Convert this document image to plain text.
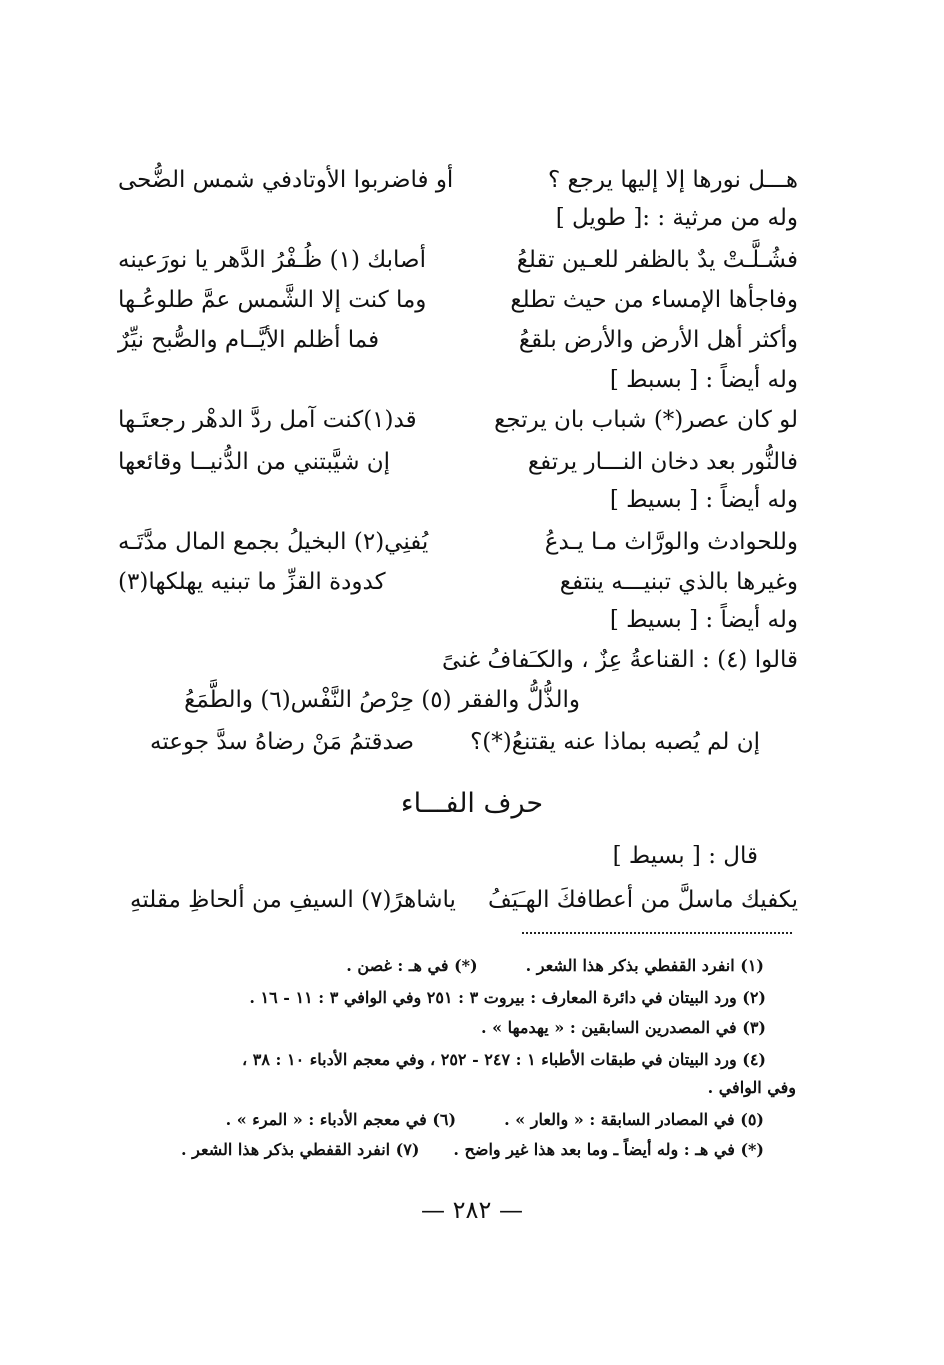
أو فاضربوا الأوتادفي شمس الضُّحى	هـــل نورها إلا إليها يرجع ؟
وله من مرثية : :[ طويل ]
أصابك (١) ظُـفْرُ الدَّهر يا نورَعينه	فشُـلَّـتْ يدٌ بالظفر للعـين تقلعُ
وما كنت إلا الشَّمس عمَّ طلوعُـها	وفاجأها الإمساء من حيث تطلع
فما أظلم الأيَّــام والصُّبح نيِّرٌ	وأكثر أهل الأرض والأرض بلقعُ
وله أيضاً : [ بسبط ]
قد(١)كنت آمل ردَّ الدهْر رجعتَـها	لو كان عصر(*) شباب بان يرتجع
إن شيَّبتني من الدُّنيــا وقائعها	فالنُّور بعد دخان النـــار يرتفع
وله أيضاً : [ بسيط ]
يُفنِي(٢) البخيلُ بجمع المال مدَّتَـه	وللحوادث والورَّاث مـا يـدعُ
كدودة القزِّ ما تبنيه يهلكها(٣)	وغيرها بالذي تبنيـــه ينتفع
وله أيضاً : [ بسيط ]
قالوا (٤) : القناعةُ عِزٌ ، والكـَفافُ غنىً
والذُّلُّ والفقر (٥) حِرْصُ النَّفْس(٦) والطَّمَعُ
صدقتمُ مَنْ رضاهُ سدَّ جوعته إن لم يُصبه بماذا عنه يقتنعُ(*)؟
حرف الفـــاء
قال : [ بسيط ]
ياشاهرً(٧) السيفِ من ألحاظِ مقلتهِ يكفيك ماسلَّ من أعطافكَ الهـَيَفُ
(١) انفرد القفطي بذكر هذا الشعر .
(*) في هـ : غصن .
(٢) ورد البيتان في دائرة المعارف : بيروت ٣ : ٢٥١ وفي الوافي ٣ : ١١ - ١٦ .
(٣) في المصدرين السابقين : « يهدمها » .
(٤) ورد البيتان في طبقات الأطباء ١ : ٢٤٧ - ٢٥٢ ، وفي معجم الأدباء ١٠ : ٣٨ ،
وفي الوافي .
(٥) في المصادر السابقة : « والعار » .
(٦) في معجم الأدباء : « المرء » .
(*) في هـ : وله أيضاً ـ وما بعد هذا غير واضح .
(٧) انفرد القفطي بذكر هذا الشعر .
— ٢٨٢ —
